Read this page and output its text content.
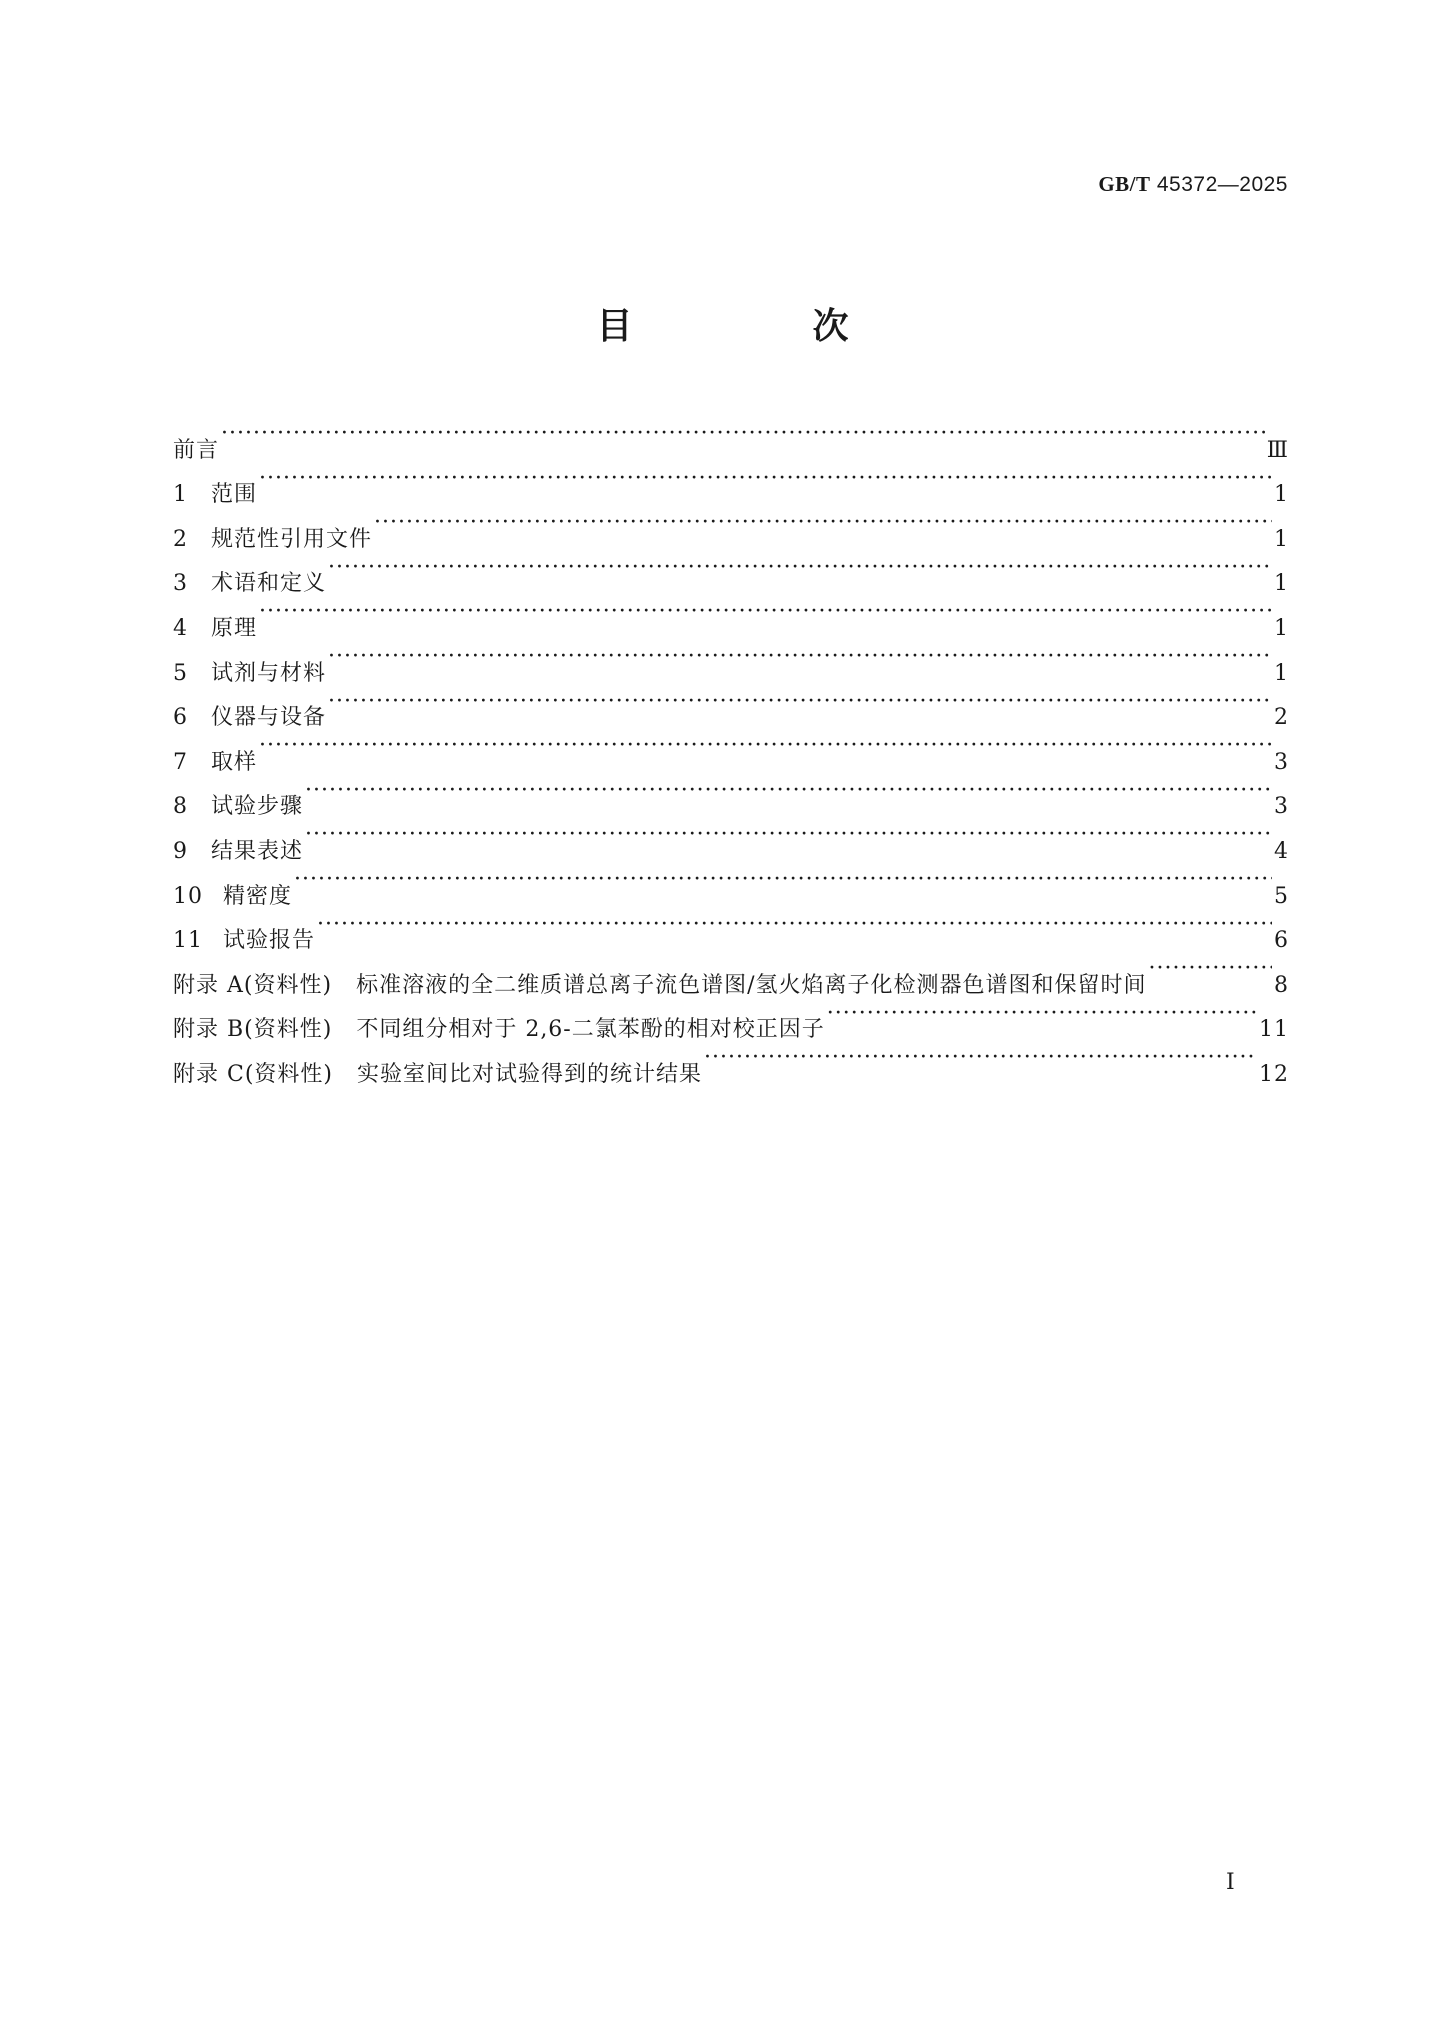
GB/T 45372—2025
目　次
前言 ·····	Ⅲ
1	范围 ·····	1
2	规范性引用文件 ·····	1
3	术语和定义 ·····	1
4	原理 ·····	1
5	试剂与材料 ·····	1
6	仪器与设备 ·····	2
7	取样 ·····	3
8	试验步骤 ·····	3
9	结果表述 ·····	4
10 精密度 ·····	5
11 试验报告 ·····	6
附录 A(资料性) 标准溶液的全二维质谱总离子流色谱图/氢火焰离子化检测器色谱图和保留时间 ·····	8
附录 B(资料性) 不同组分相对于 2,6-二氯苯酚的相对校正因子 ·····	11
附录 C(资料性) 实验室间比对试验得到的统计结果 ·····	12
Ⅰ
